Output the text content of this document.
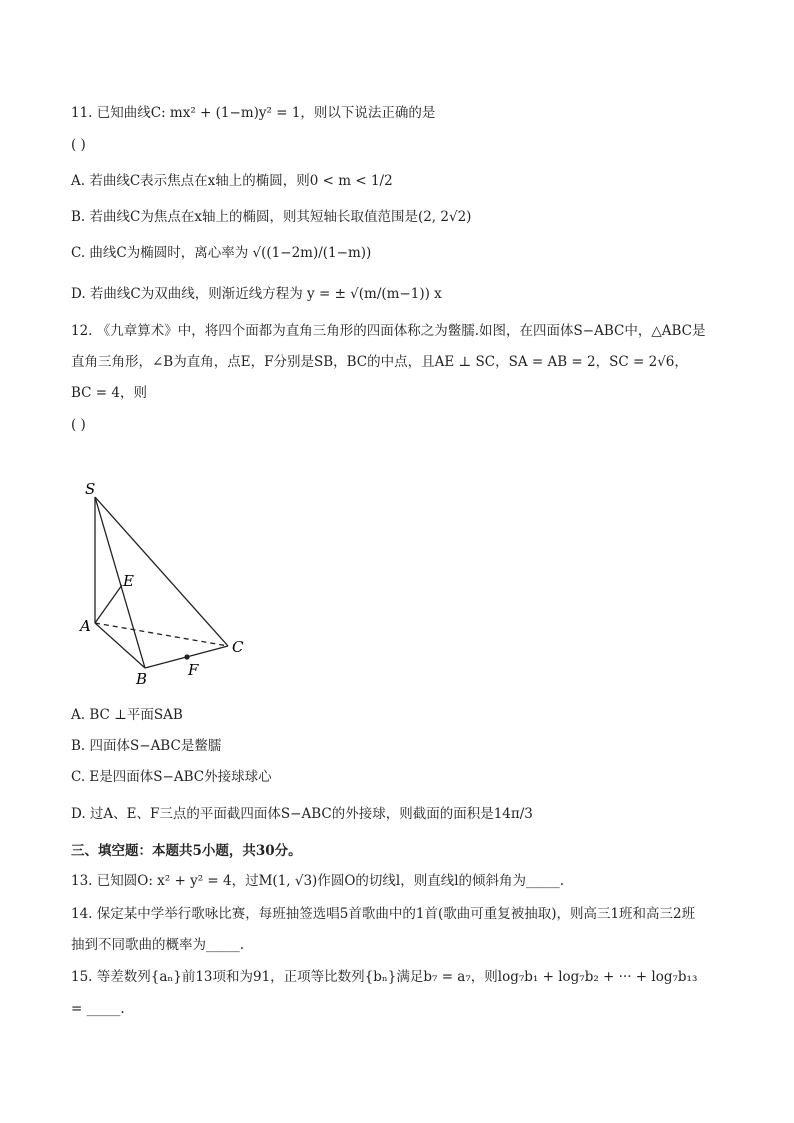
11. 已知曲线C: mx² + (1−m)y² = 1，则以下说法正确的是
( )
A. 若曲线C表示焦点在x轴上的椭圆，则0 < m < 1/2
B. 若曲线C为焦点在x轴上的椭圆，则其短轴长取值范围是(2, 2√2)
C. 曲线C为椭圆时，离心率为 √((1−2m)/(1−m))
D. 若曲线C为双曲线，则渐近线方程为 y = ± √(m/(m−1)) x
12. 《九章算术》中，将四个面都为直角三角形的四面体称之为鳖臑.如图，在四面体S−ABC中，△ABC是
直角三角形，∠B为直角，点E，F分别是SB，BC的中点，且AE ⊥ SC，SA = AB = 2，SC = 2√6，
BC = 4，则
( )
S
E
A
C
F
B
A. BC ⊥平面SAB
B. 四面体S−ABC是鳖臑
C. E是四面体S−ABC外接球球心
D. 过A、E、F三点的平面截四面体S−ABC的外接球，则截面的面积是14π/3
三、填空题：本题共5小题，共30分。
13. 已知圆O: x² + y² = 4，过M(1, √3)作圆O的切线l，则直线l的倾斜角为_____.
14. 保定某中学举行歌咏比赛，每班抽签选唱5首歌曲中的1首(歌曲可重复被抽取)，则高三1班和高三2班
抽到不同歌曲的概率为_____.
15. 等差数列{aₙ}前13项和为91，正项等比数列{bₙ}满足b₇ = a₇，则log₇b₁ + log₇b₂ + ··· + log₇b₁₃
= _____.
